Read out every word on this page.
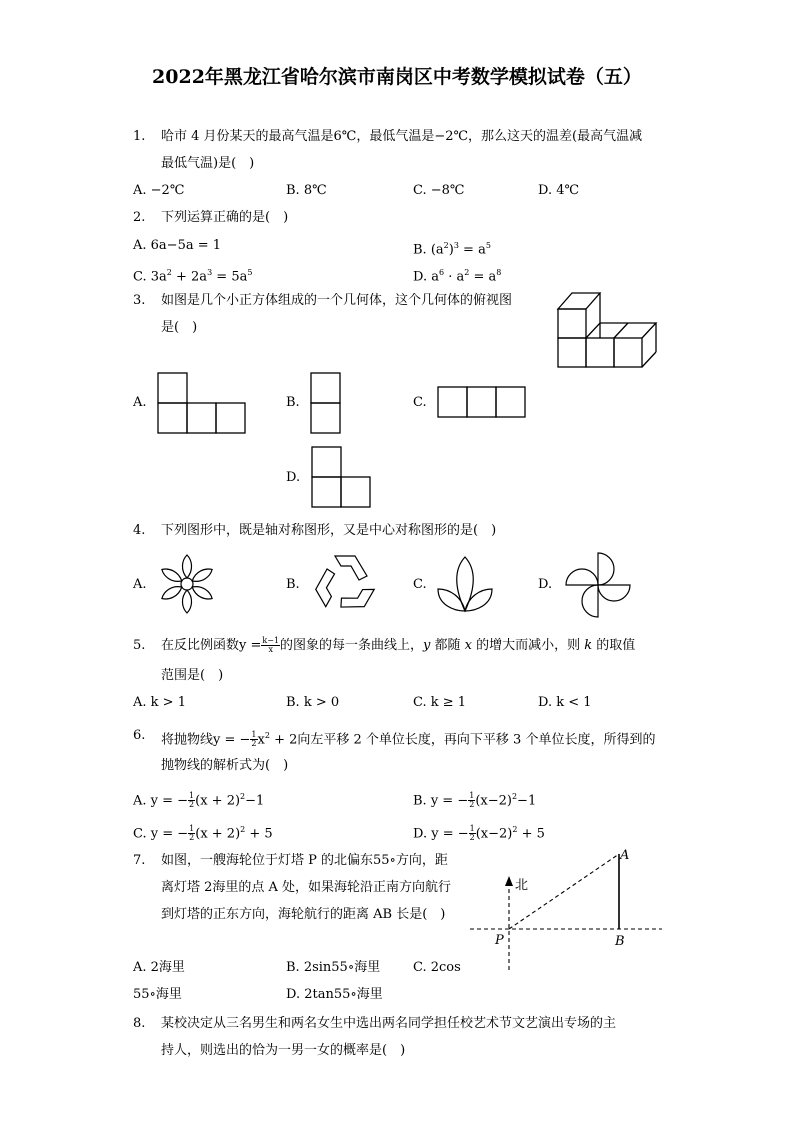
2022年黑龙江省哈尔滨市南岗区中考数学模拟试卷（五）
1. 哈市 4 月份某天的最高气温是6℃，最低气温是−2℃，那么这天的温差(最高气温减
最低气温)是(　)
A. −2℃	B. 8℃	C. −8℃	D. 4℃
2. 下列运算正确的是(　)
A. 6a−5a = 1	B. $(a^2)^3 = a^5$
C. $3a^2 + 2a^3 = 5a^5$	D. $a^6 \cdot a^2 = a^8$
3. 如图是几个小正方体组成的一个几何体，这个几何体的俯视图
是(　)
A.	B.	C.
D.
4. 下列图形中，既是轴对称图形，又是中心对称图形的是(　)
A.	B.	C.	D.
5. 在反比例函数$y = \frac{k-1}{x}$ 的图象的每一条曲线上，y 都随 x 的增大而减小，则 k 的取值
范围是(　)
A. k > 1	B. k > 0	C. k ≥ 1	D. k < 1
6. 将抛物线y = − $\frac{1}{2} x^2 + 2$向左平移 2 个单位长度，再向下平移 3 个单位长度，所得到的
抛物线的解析式为(　)
A. y = − $\frac{1}{2} (x + 2)^2-1$	B. y = − $\frac{1}{2} (x-2)^2-1$
C. y = − $\frac{1}{2} (x + 2)^2 + 5$	D. y = − $\frac{1}{2} (x-2)^2 + 5$
7. 如图，一艘海轮位于灯塔 P 的北偏东55∘方向，距
离灯塔 2海里的点 A 处，如果海轮沿正南方向航行
到灯塔的正东方向，海轮航行的距离 AB 长是(　)
北
P
A
B
A. 2海里	B. 2sin55∘海里	C. 2cos
55∘海里	D. 2tan55∘海里
8. 某校决定从三名男生和两名女生中选出两名同学担任校艺术节文艺演出专场的主
持人，则选出的恰为一男一女的概率是(　)
